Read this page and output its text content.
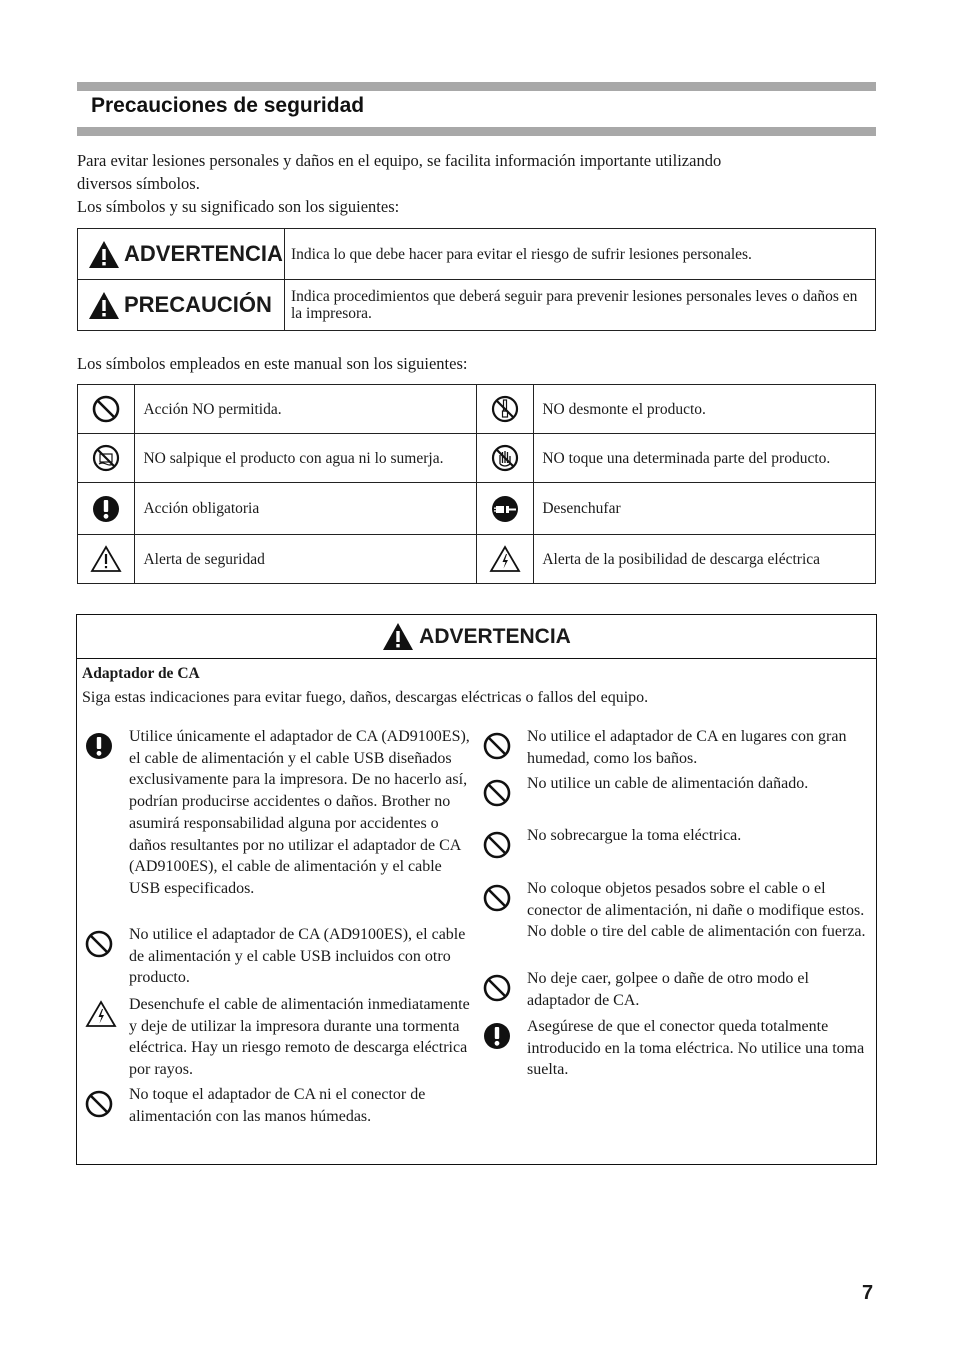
Precauciones de seguridad
Para evitar lesiones personales y daños en el equipo, se facilita información importante utilizando
diversos símbolos.
Los símbolos y su significado son los siguientes:
ADVERTENCIA	Indica lo que debe hacer para evitar el riesgo de sufrir lesiones personales.

PRECAUCIÓN	Indica procedimientos que deberá seguir para prevenir lesiones personales leves o daños en la impresora.
Los símbolos empleados en este manual son los siguientes:
	Acción NO permitida.		NO desmonte el producto.

	NO salpique el producto con agua ni lo sumerja.		NO toque una determinada parte del producto.

	Acción obligatoria		Desenchufar

	Alerta de seguridad		Alerta de la posibilidad de descarga eléctrica
ADVERTENCIA
Adaptador de CA
Siga estas indicaciones para evitar fuego, daños, descargas eléctricas o fallos del equipo.
Utilice únicamente el adaptador de CA (AD9100ES), el cable de alimentación y el cable USB diseñados exclusivamente para la impresora. De no hacerlo así, podrían producirse accidentes o daños. Brother no asumirá responsabilidad alguna por accidentes o daños resultantes por no utilizar el adaptador de CA (AD9100ES), el cable de alimentación y el cable USB especificados.
No utilice el adaptador de CA (AD9100ES), el cable de alimentación y el cable USB incluidos con otro producto.
Desenchufe el cable de alimentación inmediatamente y deje de utilizar la impresora durante una tormenta eléctrica. Hay un riesgo remoto de descarga eléctrica por rayos.
No toque el adaptador de CA ni el conector de alimentación con las manos húmedas.
No utilice el adaptador de CA en lugares con gran humedad, como los baños.
No utilice un cable de alimentación dañado.
No sobrecargue la toma eléctrica.
No coloque objetos pesados sobre el cable o el conector de alimentación, ni dañe o modifique estos. No doble o tire del cable de alimentación con fuerza.
No deje caer, golpee o dañe de otro modo el adaptador de CA.
Asegúrese de que el conector queda totalmente introducido en la toma eléctrica. No utilice una toma suelta.
7
